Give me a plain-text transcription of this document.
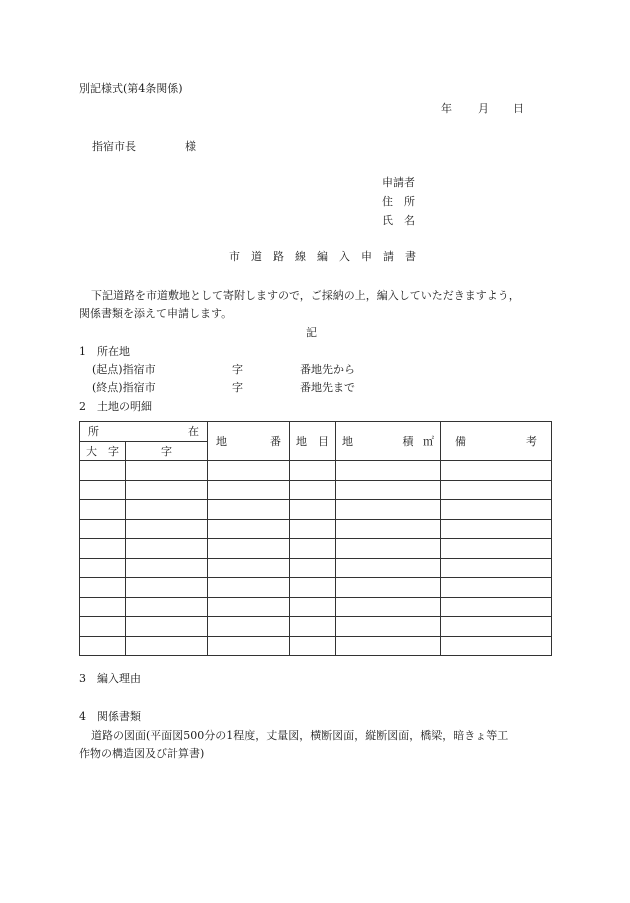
別記様式(第4条関係)
年 月 日
指宿市長	様
申請者
住　所
氏　名
市道路線編入申請書
下記道路を市道敷地として寄附しますので，ご採納の上，編入していただきますよう，
関係書類を添えて申請します。
記
1　所在地
(起点)指宿市	字	番地先から
(終点)指宿市	字	番地先まで
2　土地の明細
所 在		地 番	地　目	地 積 ㎡	備 考

大　字	字				

3　編入理由
4　関係書類
道路の図面(平面図500分の1程度，丈量図，横断図面，縦断図面，橋梁，暗きょ等工
作物の構造図及び計算書)
